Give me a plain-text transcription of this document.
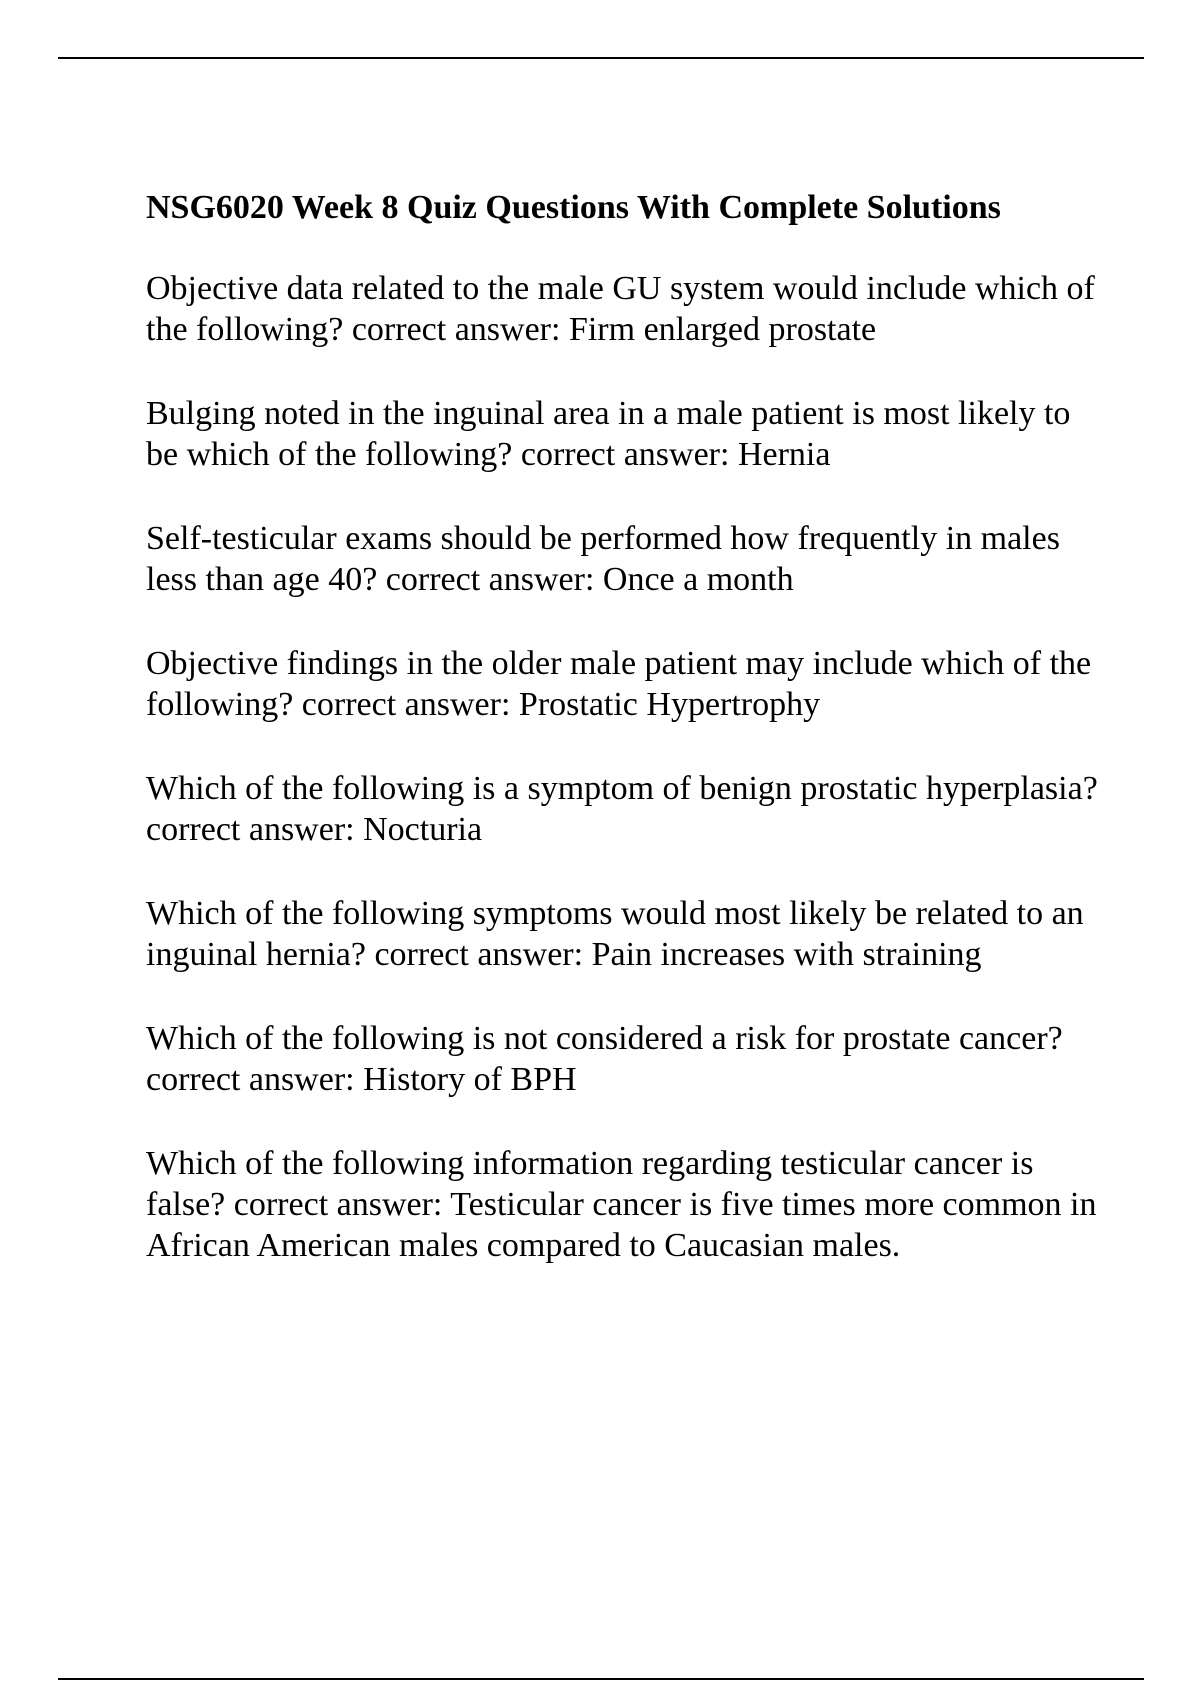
NSG6020 Week 8 Quiz Questions With Complete Solutions
Objective data related to the male GU system would include which of the following? correct answer: Firm enlarged prostate
Bulging noted in the inguinal area in a male patient is most likely to be which of the following? correct answer: Hernia
Self-testicular exams should be performed how frequently in males less than age 40? correct answer: Once a month
Objective findings in the older male patient may include which of the following? correct answer: Prostatic Hypertrophy
Which of the following is a symptom of benign prostatic hyperplasia? correct answer: Nocturia
Which of the following symptoms would most likely be related to an inguinal hernia? correct answer: Pain increases with straining
Which of the following is not considered a risk for prostate cancer? correct answer: History of BPH
Which of the following information regarding testicular cancer is false? correct answer: Testicular cancer is five times more common in African American males compared to Caucasian males.
